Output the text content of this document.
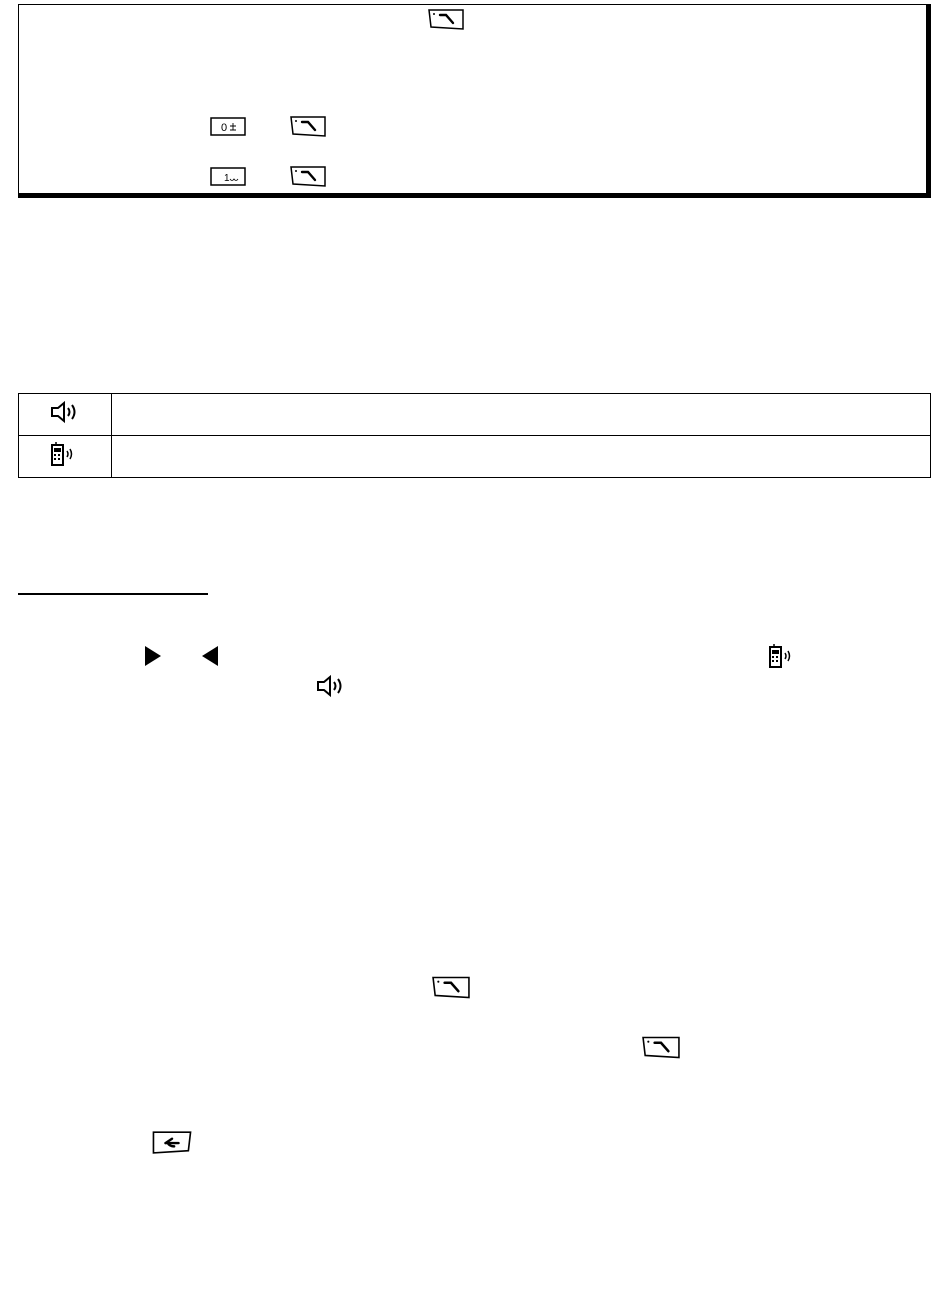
0
1
